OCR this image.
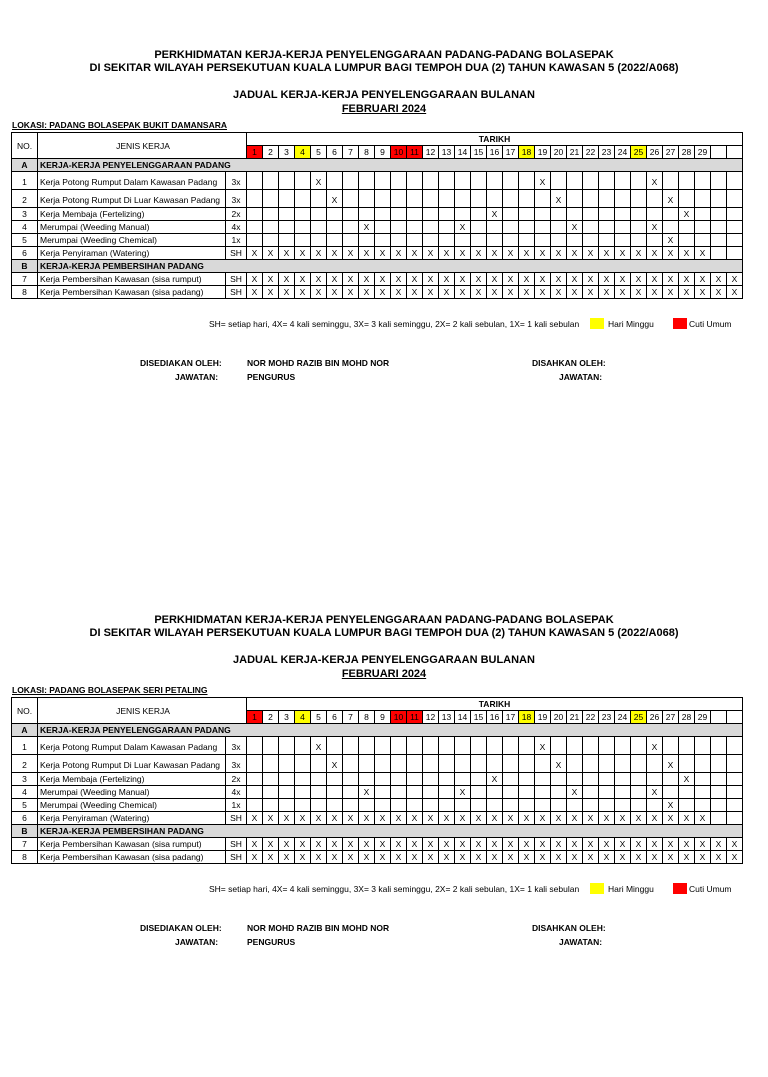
PERKHIDMATAN KERJA-KERJA PENYELENGGARAAN PADANG-PADANG BOLASEPAK
DI SEKITAR WILAYAH PERSEKUTUAN KUALA LUMPUR BAGI TEMPOH DUA (2) TAHUN KAWASAN 5 (2022/A068)
JADUAL KERJA-KERJA PENYELENGGARAAN BULANAN
FEBRUARI 2024
LOKASI: PADANG BOLASEPAK BUKIT DAMANSARA
NO.	JENIS KERJA		TARIKH																														
			1	2	3	4	5	6	7	8	9	10	11	12	13	14	15	16	17	18	19	20	21	22	23	24	25	26	27	28	29		
A	KERJA-KERJA PENYELENGGARAAN PADANG																																
1	Kerja Potong Rumput Dalam Kawasan Padang	3x					X														X							X					
2	Kerja Potong Rumput Di Luar Kawasan Padang	3x						X														X							X				
3	Kerja Membaja (Fertelizing)	2x																X												X			
4	Merumpai (Weeding Manual)	4x								X						X							X					X					
5	Merumpai (Weeding Chemical)	1x																											X				
6	Kerja Penyiraman (Watering)	SH	X	X	X	X	X	X	X	X	X	X	X	X	X	X	X	X	X	X	X	X	X	X	X	X	X	X	X	X	X		
B	KERJA-KERJA PEMBERSIHAN PADANG																																
7	Kerja Pembersihan Kawasan (sisa rumput)	SH	X	X	X	X	X	X	X	X	X	X	X	X	X	X	X	X	X	X	X	X	X	X	X	X	X	X	X	X	X	X	X
8	Kerja Pembersihan Kawasan (sisa padang)	SH	X	X	X	X	X	X	X	X	X	X	X	X	X	X	X	X	X	X	X	X	X	X	X	X	X	X	X	X	X	X	X
SH= setiap hari, 4X= 4 kali seminggu, 3X= 3 kali seminggu, 2X= 2 kali sebulan, 1X= 1 kali sebulan	Hari Minggu	Cuti Umum
DISEDIAKAN OLEH:
JAWATAN:
NOR MOHD RAZIB BIN MOHD NOR
PENGURUS
DISAHKAN OLEH:
JAWATAN:
PERKHIDMATAN KERJA-KERJA PENYELENGGARAAN PADANG-PADANG BOLASEPAK
DI SEKITAR WILAYAH PERSEKUTUAN KUALA LUMPUR BAGI TEMPOH DUA (2) TAHUN KAWASAN 5 (2022/A068)
JADUAL KERJA-KERJA PENYELENGGARAAN BULANAN
FEBRUARI 2024
LOKASI: PADANG BOLASEPAK SERI PETALING
NO.	JENIS KERJA		TARIKH																														
			1	2	3	4	5	6	7	8	9	10	11	12	13	14	15	16	17	18	19	20	21	22	23	24	25	26	27	28	29		
A	KERJA-KERJA PENYELENGGARAAN PADANG																																
1	Kerja Potong Rumput Dalam Kawasan Padang	3x					X														X							X					
2	Kerja Potong Rumput Di Luar Kawasan Padang	3x						X														X							X				
3	Kerja Membaja (Fertelizing)	2x																X												X			
4	Merumpai (Weeding Manual)	4x								X						X							X					X					
5	Merumpai (Weeding Chemical)	1x																											X				
6	Kerja Penyiraman (Watering)	SH	X	X	X	X	X	X	X	X	X	X	X	X	X	X	X	X	X	X	X	X	X	X	X	X	X	X	X	X	X		
B	KERJA-KERJA PEMBERSIHAN PADANG																																
7	Kerja Pembersihan Kawasan (sisa rumput)	SH	X	X	X	X	X	X	X	X	X	X	X	X	X	X	X	X	X	X	X	X	X	X	X	X	X	X	X	X	X	X	X
8	Kerja Pembersihan Kawasan (sisa padang)	SH	X	X	X	X	X	X	X	X	X	X	X	X	X	X	X	X	X	X	X	X	X	X	X	X	X	X	X	X	X	X	X
SH= setiap hari, 4X= 4 kali seminggu, 3X= 3 kali seminggu, 2X= 2 kali sebulan, 1X= 1 kali sebulan	Hari Minggu	Cuti Umum
DISEDIAKAN OLEH:
JAWATAN:
NOR MOHD RAZIB BIN MOHD NOR
PENGURUS
DISAHKAN OLEH:
JAWATAN:
